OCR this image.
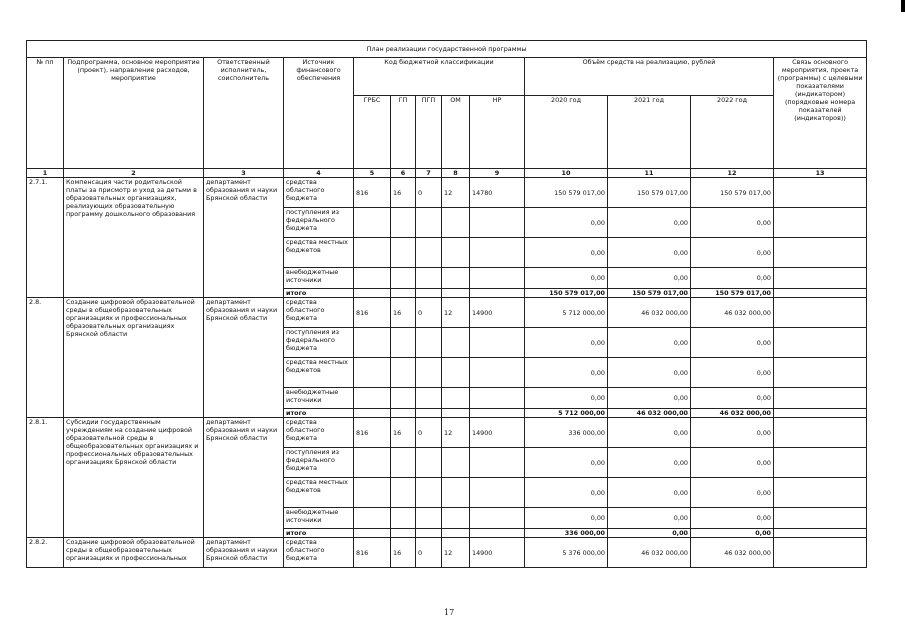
План реализации государственной программы												
№ пп	Подпрограмма, основное мероприятие (проект), направление расходов, мероприятие	Ответственный исполнитель, соисполнитель	Источник финансового обеспечения	Код бюджетной классификации					Объём средств на реализацию, рублей			Связь основного мероприятия, проекта (программы) с целевыми показателями (индикатором) (порядковые номера показателей (индикаторов))
				ГРБС	ГП	ПГП	ОМ	НР	2020 год	2021 год	2022 год	
1	2	3	4	5	6	7	8	9	10	11	12	13
2.7.1.	Компенсация части родительской платы за присмотр и уход за детьми в образовательных организациях, реализующих образовательную программу дошкольного образования	департамент образования и науки Брянской области	средства областного бюджета	816	16	0	12	14780	150 579 017,00	150 579 017,00	150 579 017,00	
			поступления из федерального бюджета						0,00	0,00	0,00	
			средства местных бюджетов						0,00	0,00	0,00	
			внебюджетные источники						0,00	0,00	0,00	
			итого						150 579 017,00	150 579 017,00	150 579 017,00	
2.8.	Создание цифровой образовательной среды в общеобразовательных организациях и профессиональных образовательных организациях Брянской области	департамент образования и науки Брянской области	средства областного бюджета	816	16	0	12	14900	5 712 000,00	46 032 000,00	46 032 000,00	
			поступления из федерального бюджета						0,00	0,00	0,00	
			средства местных бюджетов						0,00	0,00	0,00	
			внебюджетные источники						0,00	0,00	0,00	
			итого						5 712 000,00	46 032 000,00	46 032 000,00	
2.8.1.	Субсидии государственным учреждениям на создание цифровой образовательной среды в общеобразовательных организациях и профессиональных образовательных организациях Брянской области	департамент образования и науки Брянской области	средства областного бюджета	816	16	0	12	14900	336 000,00	0,00	0,00	
			поступления из федерального бюджета						0,00	0,00	0,00	
			средства местных бюджетов						0,00	0,00	0,00	
			внебюджетные источники						0,00	0,00	0,00	
			итого						336 000,00	0,00	0,00	
2.8.2.	Создание цифровой образовательной среды в общеобразовательных организациях и профессиональных	департамент образования и науки Брянской области	средства областного бюджета	816	16	0	12	14900	5 376 000,00	46 032 000,00	46 032 000,00	
17
